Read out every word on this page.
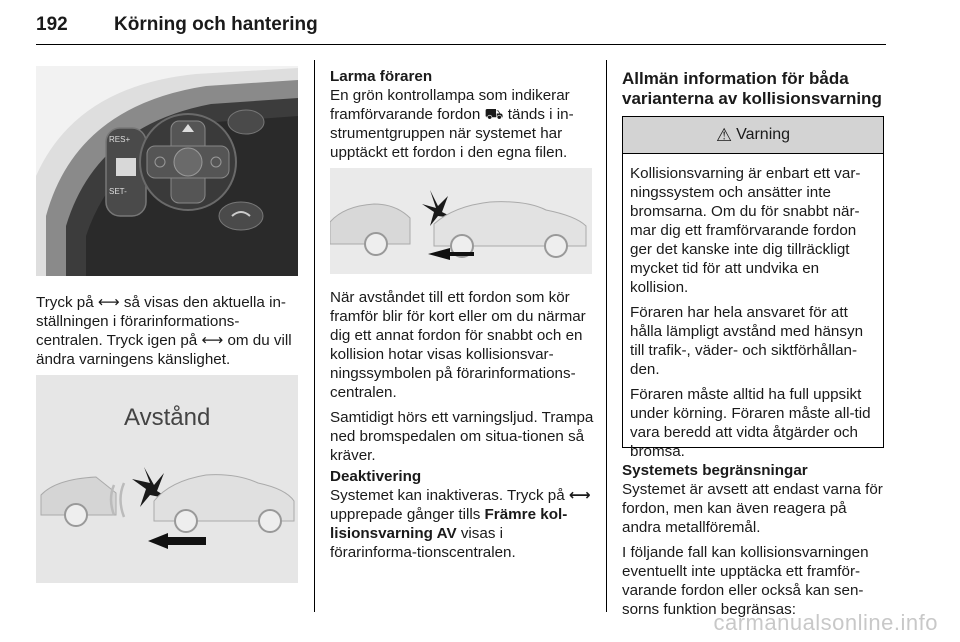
192 Körning och hantering
RES+
SET-

Tryck på ⟷ så visas den aktuella in-ställningen i förarinformations-centralen. Tryck igen på ⟷ om du vill ändra varningens känslighet.

Avstånd
Larma föraren

En grön kontrollampa som indikerar framförvarande fordon ⛟ tänds i in-strumentgruppen när systemet har upptäckt ett fordon i den egna filen.

När avståndet till ett fordon som kör framför blir för kort eller om du närmar dig ett annat fordon för snabbt och en kollision hotar visas kollisionsvar-ningssymbolen på förarinformations-centralen.

Samtidigt hörs ett varningsljud. Trampa ned bromspedalen om situa-tionen så kräver.

Deaktivering

Systemet kan inaktiveras. Tryck på ⟷ upprepade gånger tills Främre kol-lisionsvarning AV visas i förarinforma-tionscentralen.

Allmän information för båda varianterna av kollisionsvarning
⚠ Varning

Kollisionsvarning är enbart ett var-ningssystem och ansätter inte bromsarna. Om du för snabbt när-mar dig ett framförvarande fordon ger det kanske inte dig tillräckligt mycket tid för att undvika en kollision.

Föraren har hela ansvaret för att hålla lämpligt avstånd med hänsyn till trafik-, väder- och siktförhållan-den.

Föraren måste alltid ha full uppsikt under körning. Föraren måste all-tid vara beredd att vidta åtgärder och bromsa.

Systemets begränsningar

Systemet är avsett att endast varna för fordon, men kan även reagera på andra metallföremål.

I följande fall kan kollisionsvarningen eventuellt inte upptäcka ett framför-varande fordon eller också kan sen-sorns funktion begränsas:

carmanualsonline.info
